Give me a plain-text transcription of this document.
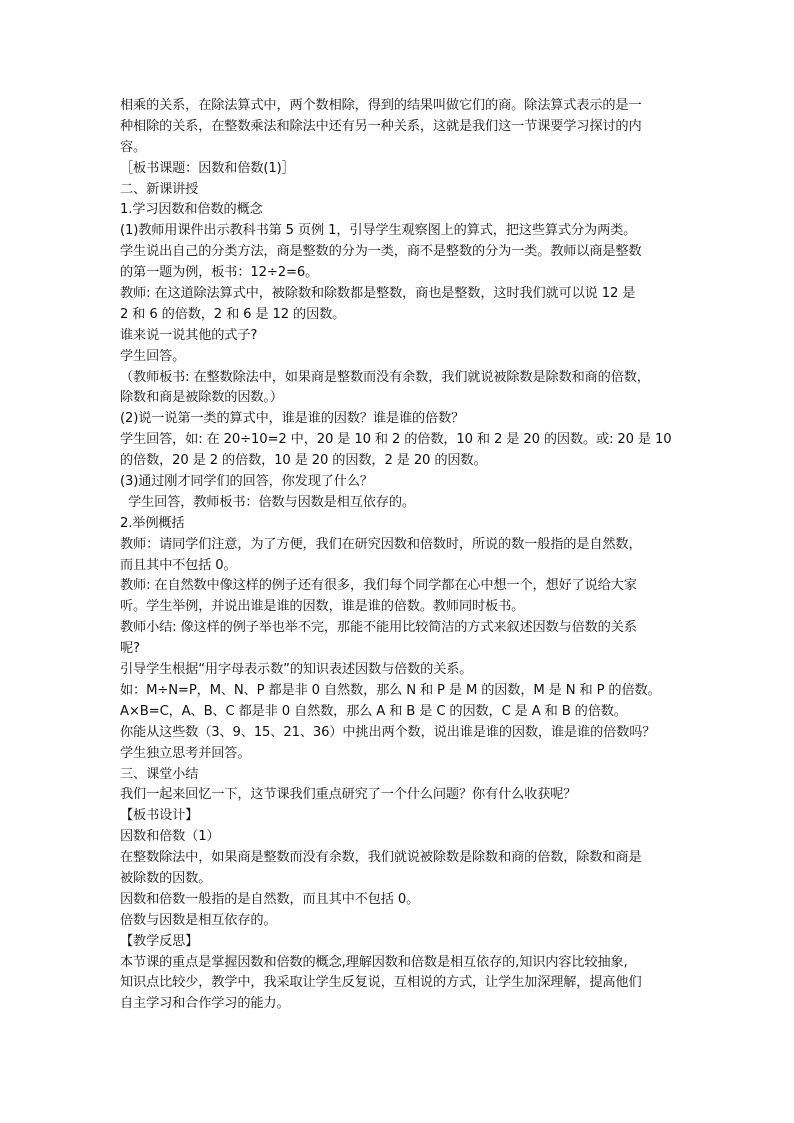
相乘的关系，在除法算式中，两个数相除，得到的结果叫做它们的商。除法算式表示的是一
种相除的关系，在整数乘法和除法中还有另一种关系，这就是我们这一节课要学习探讨的内
容。
［板书课题：因数和倍数(1)］
二、新课讲授
1.学习因数和倍数的概念
(1)教师用课件出示教科书第 5 页例 1，引导学生观察图上的算式，把这些算式分为两类。
学生说出自己的分类方法，商是整数的分为一类，商不是整数的分为一类。教师以商是整数
的第一题为例，板书：12÷2=6。
教师: 在这道除法算式中，被除数和除数都是整数，商也是整数，这时我们就可以说 12 是
2 和 6 的倍数，2 和 6 是 12 的因数。
谁来说一说其他的式子?
学生回答。
（教师板书: 在整数除法中，如果商是整数而没有余数，我们就说被除数是除数和商的倍数，
除数和商是被除数的因数。）
(2)说一说第一类的算式中，谁是谁的因数？谁是谁的倍数？
学生回答，如: 在 20÷10=2 中，20 是 10 和 2 的倍数，10 和 2 是 20 的因数。或: 20 是 10
的倍数，20 是 2 的倍数，10 是 20 的因数，2 是 20 的因数。
(3)通过刚才同学们的回答，你发现了什么？
学生回答，教师板书：倍数与因数是相互依存的。
2.举例概括
教师：请同学们注意，为了方便，我们在研究因数和倍数时，所说的数一般指的是自然数，
而且其中不包括 0。
教师: 在自然数中像这样的例子还有很多，我们每个同学都在心中想一个，想好了说给大家
听。学生举例，并说出谁是谁的因数，谁是谁的倍数。教师同时板书。
教师小结: 像这样的例子举也举不完，那能不能用比较简洁的方式来叙述因数与倍数的关系
呢?
引导学生根据“用字母表示数”的知识表述因数与倍数的关系。
如：M÷N=P，M、N、P 都是非 0 自然数，那么 N 和 P 是 M 的因数，M 是 N 和 P 的倍数。
A×B=C，A、B、C 都是非 0 自然数，那么 A 和 B 是 C 的因数，C 是 A 和 B 的倍数。
你能从这些数（3、9、15、21、36）中挑出两个数，说出谁是谁的因数，谁是谁的倍数吗？
学生独立思考并回答。
三、课堂小结
我们一起来回忆一下，这节课我们重点研究了一个什么问题？你有什么收获呢？
【板书设计】
因数和倍数（1）
在整数除法中，如果商是整数而没有余数，我们就说被除数是除数和商的倍数，除数和商是
被除数的因数。
因数和倍数一般指的是自然数，而且其中不包括 0。
倍数与因数是相互依存的。
【教学反思】
本节课的重点是掌握因数和倍数的概念,理解因数和倍数是相互依存的,知识内容比较抽象,
知识点比较少，教学中，我采取让学生反复说，互相说的方式，让学生加深理解，提高他们
自主学习和合作学习的能力。
